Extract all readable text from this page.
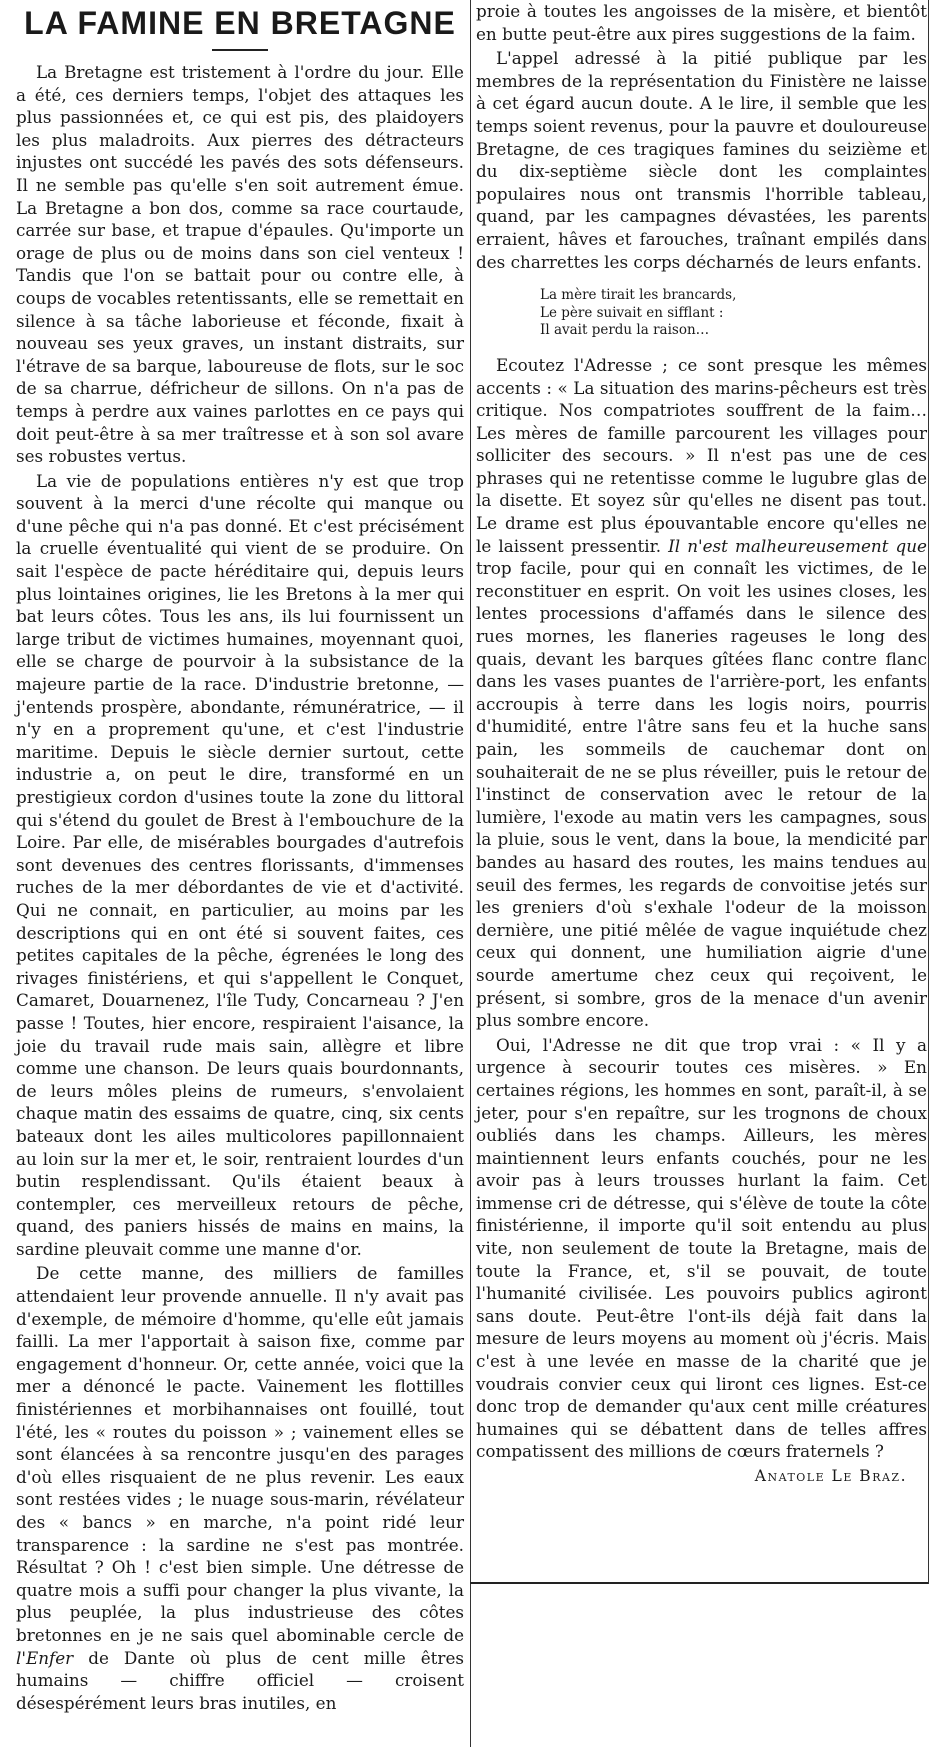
LA FAMINE EN BRETAGNE

La Bretagne est tristement à l'ordre du jour. Elle a été, ces derniers temps, l'objet des attaques les plus passionnées et, ce qui est pis, des plaidoyers les plus maladroits. Aux pierres des détracteurs injustes ont succédé les pavés des sots défenseurs. Il ne semble pas qu'elle s'en soit autrement émue. La Bretagne a bon dos, comme sa race courtaude, carrée sur base, et trapue d'épaules. Qu'importe un orage de plus ou de moins dans son ciel venteux ! Tandis que l'on se battait pour ou contre elle, à coups de vocables retentissants, elle se remettait en silence à sa tâche laborieuse et féconde, fixait à nouveau ses yeux graves, un instant distraits, sur l'étrave de sa barque, laboureuse de flots, sur le soc de sa charrue, défricheur de sillons. On n'a pas de temps à perdre aux vaines parlottes en ce pays qui doit peut-être à sa mer traîtresse et à son sol avare ses robustes vertus.

La vie de populations entières n'y est que trop souvent à la merci d'une récolte qui manque ou d'une pêche qui n'a pas donné. Et c'est précisément la cruelle éventualité qui vient de se produire. On sait l'espèce de pacte héréditaire qui, depuis leurs plus lointaines origines, lie les Bretons à la mer qui bat leurs côtes. Tous les ans, ils lui fournissent un large tribut de victimes humaines, moyennant quoi, elle se charge de pourvoir à la subsistance de la majeure partie de la race. D'industrie bretonne, — j'entends prospère, abondante, rémunératrice, — il n'y en a proprement qu'une, et c'est l'industrie maritime. Depuis le siècle dernier surtout, cette industrie a, on peut le dire, transformé en un prestigieux cordon d'usines toute la zone du littoral qui s'étend du goulet de Brest à l'embouchure de la Loire. Par elle, de misérables bourgades d'autrefois sont devenues des centres florissants, d'immenses ruches de la mer débordantes de vie et d'activité. Qui ne connait, en particulier, au moins par les descriptions qui en ont été si souvent faites, ces petites capitales de la pêche, égrenées le long des rivages finistériens, et qui s'appellent le Conquet, Camaret, Douarnenez, l'île Tudy, Concarneau ? J'en passe ! Toutes, hier encore, respiraient l'aisance, la joie du travail rude mais sain, allègre et libre comme une chanson. De leurs quais bourdonnants, de leurs môles pleins de rumeurs, s'envolaient chaque matin des essaims de quatre, cinq, six cents bateaux dont les ailes multicolores papillonnaient au loin sur la mer et, le soir, rentraient lourdes d'un butin resplendissant. Qu'ils étaient beaux à contempler, ces merveilleux retours de pêche, quand, des paniers hissés de mains en mains, la sardine pleuvait comme une manne d'or.

De cette manne, des milliers de familles attendaient leur provende annuelle. Il n'y avait pas d'exemple, de mémoire d'homme, qu'elle eût jamais failli. La mer l'apportait à saison fixe, comme par engagement d'honneur. Or, cette année, voici que la mer a dénoncé le pacte. Vainement les flottilles finistériennes et morbihannaises ont fouillé, tout l'été, les « routes du poisson » ; vainement elles se sont élancées à sa rencontre jusqu'en des parages d'où elles risquaient de ne plus revenir. Les eaux sont restées vides ; le nuage sous-marin, révélateur des « bancs » en marche, n'a point ridé leur transparence : la sardine ne s'est pas montrée. Résultat ? Oh ! c'est bien simple. Une détresse de quatre mois a suffi pour changer la plus vivante, la plus peuplée, la plus industrieuse des côtes bretonnes en je ne sais quel abominable cercle de l'Enfer de Dante où plus de cent mille êtres humains — chiffre officiel — croisent désespérément leurs bras inutiles, en

proie à toutes les angoisses de la misère, et bientôt en butte peut-être aux pires suggestions de la faim.

L'appel adressé à la pitié publique par les membres de la représentation du Finistère ne laisse à cet égard aucun doute. A le lire, il semble que les temps soient revenus, pour la pauvre et douloureuse Bretagne, de ces tragiques famines du seizième et du dix-septième siècle dont les complaintes populaires nous ont transmis l'horrible tableau, quand, par les campagnes dévastées, les parents erraient, hâves et farouches, traînant empilés dans des charrettes les corps décharnés de leurs enfants.

La mère tirait les brancards,
Le père suivait en sifflant :
Il avait perdu la raison…

Ecoutez l'Adresse ; ce sont presque les mêmes accents : « La situation des marins-pêcheurs est très critique. Nos compatriotes souffrent de la faim… Les mères de famille parcourent les villages pour solliciter des secours. » Il n'est pas une de ces phrases qui ne retentisse comme le lugubre glas de la disette. Et soyez sûr qu'elles ne disent pas tout. Le drame est plus épouvantable encore qu'elles ne le laissent pressentir. Il n'est malheureusement que trop facile, pour qui en connaît les victimes, de le reconstituer en esprit. On voit les usines closes, les lentes processions d'affamés dans le silence des rues mornes, les flaneries rageuses le long des quais, devant les barques gîtées flanc contre flanc dans les vases puantes de l'arrière-port, les enfants accroupis à terre dans les logis noirs, pourris d'humidité, entre l'âtre sans feu et la huche sans pain, les sommeils de cauchemar dont on souhaiterait de ne se plus réveiller, puis le retour de l'instinct de conservation avec le retour de la lumière, l'exode au matin vers les campagnes, sous la pluie, sous le vent, dans la boue, la mendicité par bandes au hasard des routes, les mains tendues au seuil des fermes, les regards de convoitise jetés sur les greniers d'où s'exhale l'odeur de la moisson dernière, une pitié mêlée de vague inquiétude chez ceux qui donnent, une humiliation aigrie d'une sourde amertume chez ceux qui reçoivent, le présent, si sombre, gros de la menace d'un avenir plus sombre encore.

Oui, l'Adresse ne dit que trop vrai : « Il y a urgence à secourir toutes ces misères. » En certaines régions, les hommes en sont, paraît-il, à se jeter, pour s'en repaître, sur les trognons de choux oubliés dans les champs. Ailleurs, les mères maintiennent leurs enfants couchés, pour ne les avoir pas à leurs trousses hurlant la faim. Cet immense cri de détresse, qui s'élève de toute la côte finistérienne, il importe qu'il soit entendu au plus vite, non seulement de toute la Bretagne, mais de toute la France, et, s'il se pouvait, de toute l'humanité civilisée. Les pouvoirs publics agiront sans doute. Peut-être l'ont-ils déjà fait dans la mesure de leurs moyens au moment où j'écris. Mais c'est à une levée en masse de la charité que je voudrais convier ceux qui liront ces lignes. Est-ce donc trop de demander qu'aux cent mille créatures humaines qui se débattent dans de telles affres compatissent des millions de cœurs fraternels ?

Anatole Le Braz.
